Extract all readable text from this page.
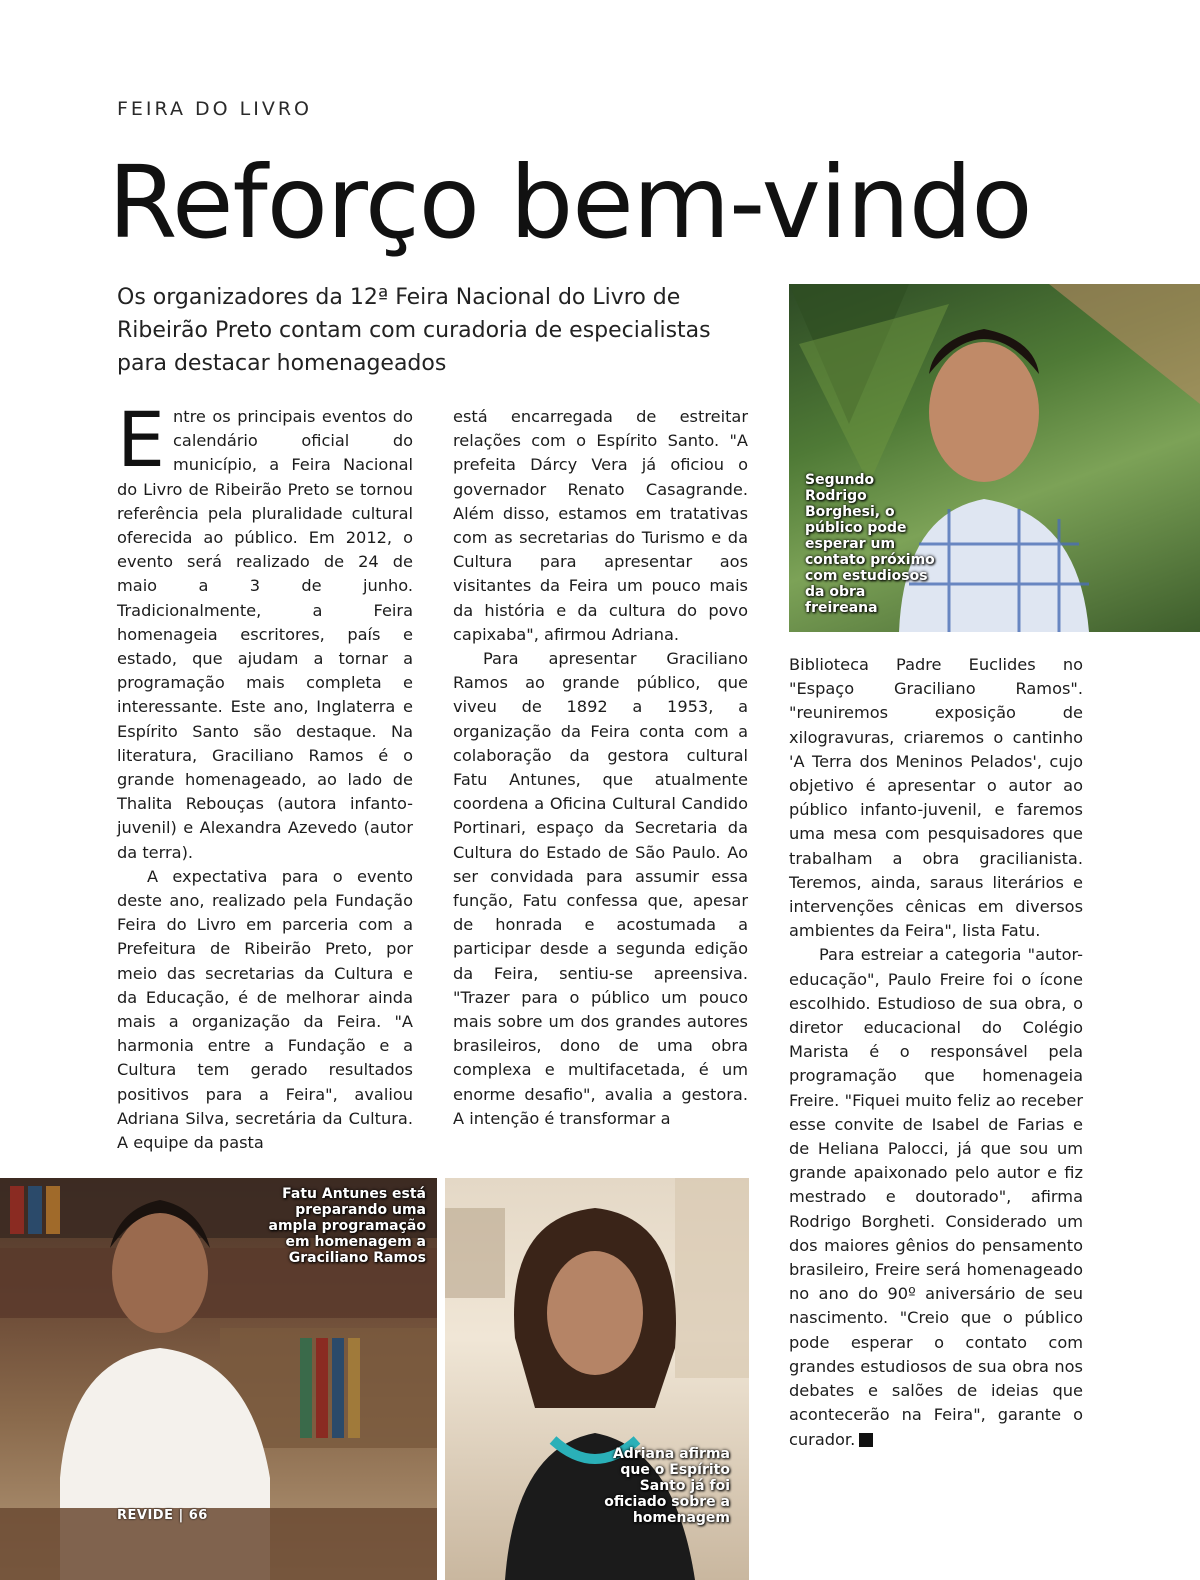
FEIRA DO LIVRO
Reforço bem-vindo
Os organizadores da 12ª Feira Nacional do Livro de Ribeirão Preto contam com curadoria de especialistas para destacar homenageados

Entre os principais eventos do calendário oficial do município, a Feira Nacional do Livro de Ribeirão Preto se tornou referência pela pluralidade cultural oferecida ao público. Em 2012, o evento será realizado de 24 de maio a 3 de junho. Tradicionalmente, a Feira homenageia escritores, país e estado, que ajudam a tornar a programação mais completa e interessante. Este ano, Inglaterra e Espírito Santo são destaque. Na literatura, Graciliano Ramos é o grande homenageado, ao lado de Thalita Rebouças (autora infanto-juvenil) e Alexandra Azevedo (autor da terra).

A expectativa para o evento deste ano, realizado pela Fundação Feira do Livro em parceria com a Prefeitura de Ribeirão Preto, por meio das secretarias da Cultura e da Educação, é de melhorar ainda mais a organização da Feira. "A harmonia entre a Fundação e a Cultura tem gerado resultados positivos para a Feira", avaliou Adriana Silva, secretária da Cultura. A equipe da pasta

está encarregada de estreitar relações com o Espírito Santo. "A prefeita Dárcy Vera já oficiou o governador Renato Casagrande. Além disso, estamos em tratativas com as secretarias do Turismo e da Cultura para apresentar aos visitantes da Feira um pouco mais da história e da cultura do povo capixaba", afirmou Adriana.

Para apresentar Graciliano Ramos ao grande público, que viveu de 1892 a 1953, a organização da Feira conta com a colaboração da gestora cultural Fatu Antunes, que atualmente coordena a Oficina Cultural Candido Portinari, espaço da Secretaria da Cultura do Estado de São Paulo. Ao ser convidada para assumir essa função, Fatu confessa que, apesar de honrada e acostumada a participar desde a segunda edição da Feira, sentiu-se apreensiva. "Trazer para o público um pouco mais sobre um dos grandes autores brasileiros, dono de uma obra complexa e multifacetada, é um enorme desafio", avalia a gestora. A intenção é transformar a

Biblioteca Padre Euclides no "Espaço Graciliano Ramos". "reuniremos exposição de xilogravuras, criaremos o cantinho 'A Terra dos Meninos Pelados', cujo objetivo é apresentar o autor ao público infanto-juvenil, e faremos uma mesa com pesquisadores que trabalham a obra gracilianista. Teremos, ainda, saraus literários e intervenções cênicas em diversos ambientes da Feira", lista Fatu.

Para estreiar a categoria "autor-educação", Paulo Freire foi o ícone escolhido. Estudioso de sua obra, o diretor educacional do Colégio Marista é o responsável pela programação que homenageia Freire. "Fiquei muito feliz ao receber esse convite de Isabel de Farias e de Heliana Palocci, já que sou um grande apaixonado pelo autor e fiz mestrado e doutorado", afirma Rodrigo Borgheti. Considerado um dos maiores gênios do pensamento brasileiro, Freire será homenageado no ano do 90º aniversário de seu nascimento. "Creio que o público pode esperar o contato com grandes estudiosos de sua obra nos debates e salões de ideias que acontecerão na Feira", garante o curador.	r

Segundo Rodrigo Borghesi, o público pode esperar um contato próximo com estudiosos da obra freireana
Fatu Antunes está preparando uma ampla programação em homenagem a Graciliano Ramos
REVIDE | 66
Adriana afirma que o Espírito Santo já foi oficiado sobre a homenagem
